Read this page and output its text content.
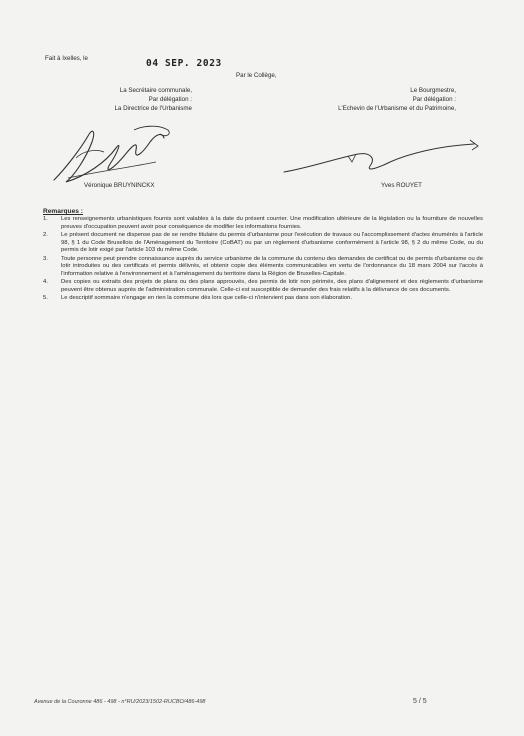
Fait à Ixelles, le	04 SEP. 2023
Par le Collège,
La Secrétaire communale,
Par délégation :
La Directrice de l'Urbanisme
Le Bourgmestre,
Par délégation :
L'Echevin de l'Urbanisme et du Patrimoine,
Véronique BRUYNINCKX	Yves ROUYET
Remarques :
1.	Les renseignements urbanistiques fournis sont valables à la date du présent courrier. Une modification ultérieure de la législation ou la fourniture de nouvelles preuves d'occupation peuvent avoir pour conséquence de modifier les informations fournies.
2.	Le présent document ne dispense pas de se rendre titulaire du permis d'urbanisme pour l'exécution de travaux ou l'accomplissement d'actes énumérés à l'article 98, § 1 du Code Bruxellois de l'Aménagement du Territoire (CoBAT) ou par un règlement d'urbanisme conformément à l'article 98, § 2 du même Code, ou du permis de lotir exigé par l'article 103 du même Code.
3.	Toute personne peut prendre connaissance auprès du service urbanisme de la commune du contenu des demandes de certificat ou de permis d'urbanisme ou de lotir introduites ou des certificats et permis délivrés, et obtenir copie des éléments communicables en vertu de l'ordonnance du 18 mars 2004 sur l'accès à l'information relative à l'environnement et à l'aménagement du territoire dans la Région de Bruxelles-Capitale.
4.	Des copies ou extraits des projets de plans ou des plans approuvés, des permis de lotir non périmés, des plans d'alignement et des règlements d'urbanisme peuvent être obtenus auprès de l'administration communale. Celle-ci est susceptible de demander des frais relatifs à la délivrance de ces documents.
5.	Le descriptif sommaire n'engage en rien la commune dès lors que celle-ci n'intervient pas dans son élaboration.
Avenue de la Couronne 486 - 498 - n°RU/2023/1502-RUCBO/486-498	5 / 5
